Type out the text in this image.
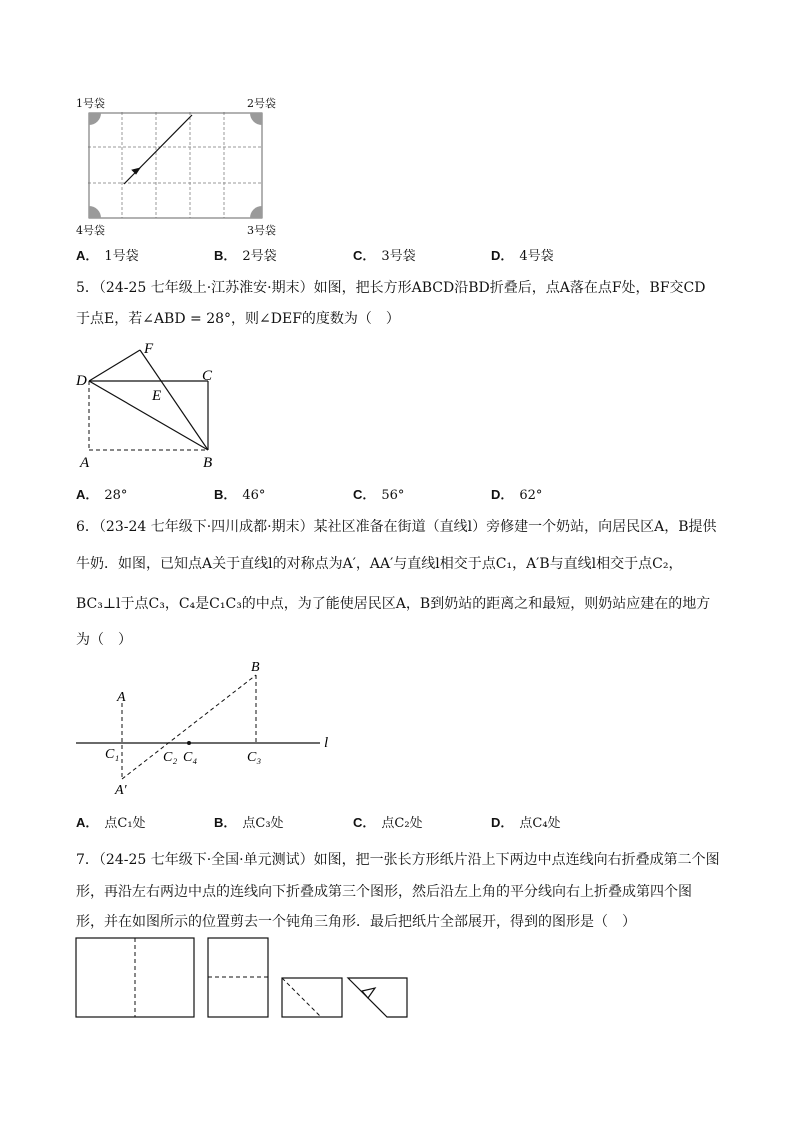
1号袋	2号袋
4号袋	3号袋
A． 1号袋	B． 2号袋	C． 3号袋	D． 4号袋
5．（24-25 七年级上·江苏淮安·期末）如图，把长方形ABCD沿BD折叠后，点A落在点F处，BF交CD
于点E，若∠ABD = 28°，则∠DEF的度数为（　）
F
D	C
E
A	B
A． 28°	B． 46°	C． 56°	D． 62°
6．（23-24 七年级下·四川成都·期末）某社区准备在街道（直线l）旁修建一个奶站，向居民区A，B提供
牛奶．如图，已知点A关于直线l的对称点为A′，AA′与直线l相交于点C₁，A′B与直线l相交于点C₂，
BC₃⊥l于点C₃，C₄是C₁C₃的中点，为了能使居民区A，B到奶站的距离之和最短，则奶站应建在的地方
为（　）
B
A
C₁	C₂ C₄	C₃
A′
l
A． 点C₁处	B． 点C₃处	C． 点C₂处	D． 点C₄处
7．（24-25 七年级下·全国·单元测试）如图，把一张长方形纸片沿上下两边中点连线向右折叠成第二个图
形，再沿左右两边中点的连线向下折叠成第三个图形，然后沿左上角的平分线向右上折叠成第四个图
形，并在如图所示的位置剪去一个钝角三角形．最后把纸片全部展开，得到的图形是（　）
